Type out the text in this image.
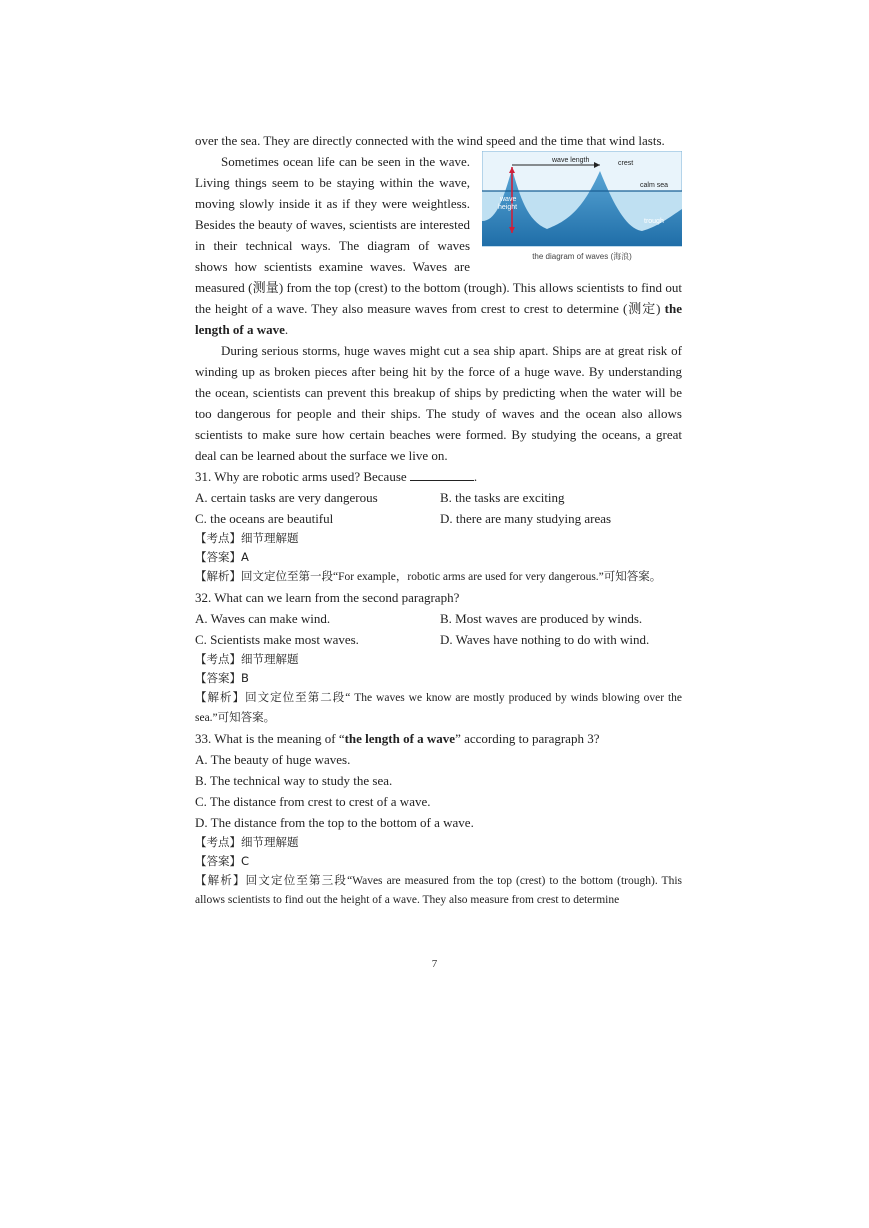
over the sea. They are directly connected with the wind speed and the time that wind lasts.

wave length	crest
calm sea
wave
height
trough
the diagram of waves (海浪)

Sometimes ocean life can be seen in the wave. Living things seem to be staying within the wave, moving slowly inside it as if they were weightless. Besides the beauty of waves, scientists are interested in their technical ways. The diagram of waves shows how scientists examine waves. Waves are measured (测量) from the top (crest) to the bottom (trough). This allows scientists to find out the height of a wave. They also measure waves from crest to crest to determine (测定) the length of a wave.

During serious storms, huge waves might cut a sea ship apart. Ships are at great risk of winding up as broken pieces after being hit by the force of a huge wave. By understanding the ocean, scientists can prevent this breakup of ships by predicting when the water will be too dangerous for people and their ships. The study of waves and the ocean also allows scientists to make sure how certain beaches were formed. By studying the oceans, a great deal can be learned about the surface we live on.

31. Why are robotic arms used? Because	.

A. certain tasks are very dangerous	B. the tasks are exciting
C. the oceans are beautiful	D. there are many studying areas

【考点】细节理解题

【答案】A

【解析】回文定位至第一段“For example，robotic arms are used for very dangerous.”可知答案。

32. What can we learn from the second paragraph?

A. Waves can make wind.	B. Most waves are produced by winds.
C. Scientists make most waves.	D. Waves have nothing to do with wind.

【考点】细节理解题

【答案】B

【解析】回文定位至第二段“ The waves we know are mostly produced by winds blowing over the sea.”可知答案。

33. What is the meaning of “the length of a wave” according to paragraph 3?

A. The beauty of huge waves.

B. The technical way to study the sea.

C. The distance from crest to crest of a wave.

D. The distance from the top to the bottom of a wave.

【考点】细节理解题

【答案】C

【解析】回文定位至第三段“Waves are measured from the top (crest) to the bottom (trough). This allows scientists to find out the height of a wave. They also measure from crest to determine

7
